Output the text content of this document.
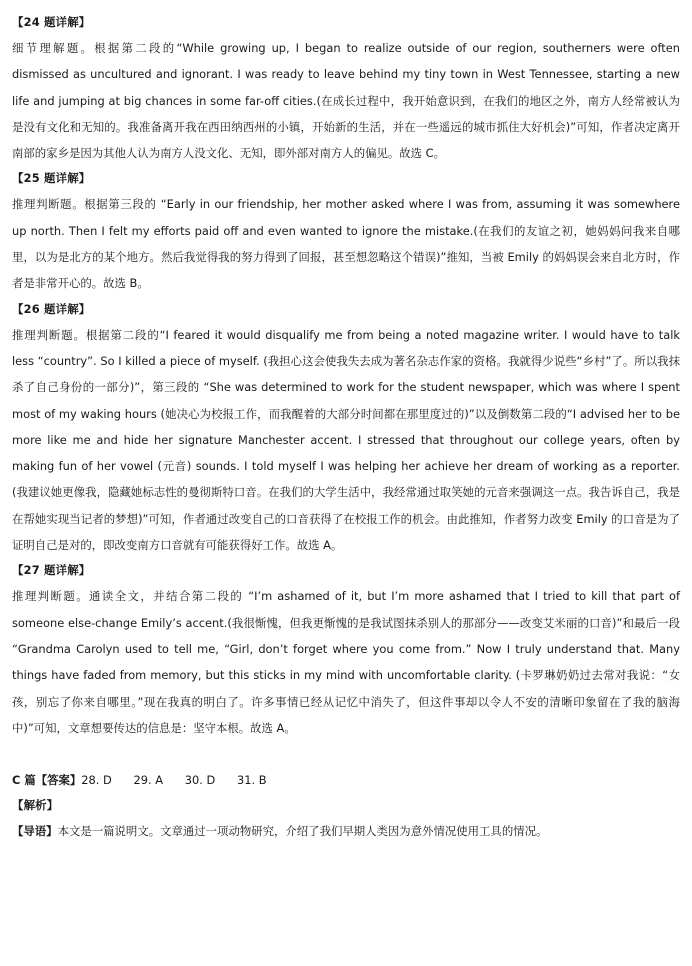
【24 题详解】

细节理解题。根据第二段的“While growing up, I began to realize outside of our region, southerners were often dismissed as uncultured and ignorant. I was ready to leave behind my tiny town in West Tennessee, starting a new life and jumping at big chances in some far-off cities.(在成长过程中，我开始意识到，在我们的地区之外，南方人经常被认为是没有文化和无知的。我准备离开我在西田纳西州的小镇，开始新的生活，并在一些遥远的城市抓住大好机会)”可知，作者决定离开南部的家乡是因为其他人认为南方人没文化、无知，即外部对南方人的偏见。故选 C。

【25 题详解】

推理判断题。根据第三段的 “Early in our friendship, her mother asked where I was from, assuming it was somewhere up north. Then I felt my efforts paid off and even wanted to ignore the mistake.(在我们的友谊之初，她妈妈问我来自哪里，以为是北方的某个地方。然后我觉得我的努力得到了回报，甚至想忽略这个错误)”推知，当被 Emily 的妈妈误会来自北方时，作者是非常开心的。故选 B。

【26 题详解】

推理判断题。根据第二段的“I feared it would disqualify me from being a noted magazine writer. I would have to talk less “country”. So I killed a piece of myself. (我担心这会使我失去成为著名杂志作家的资格。我就得少说些“乡村”了。所以我抹杀了自己身份的一部分)”，第三段的 “She was determined to work for the student newspaper, which was where I spent most of my waking hours (她决心为校报工作，而我醒着的大部分时间都在那里度过的)”以及倒数第二段的“I advised her to be more like me and hide her signature Manchester accent. I stressed that throughout our college years, often by making fun of her vowel (元音) sounds. I told myself I was helping her achieve her dream of working as a reporter. (我建议她更像我，隐藏她标志性的曼彻斯特口音。在我们的大学生活中，我经常通过取笑她的元音来强调这一点。我告诉自己，我是在帮她实现当记者的梦想)”可知，作者通过改变自己的口音获得了在校报工作的机会。由此推知，作者努力改变 Emily 的口音是为了证明自己是对的，即改变南方口音就有可能获得好工作。故选 A。

【27 题详解】

推理判断题。通读全文，并结合第二段的 “I’m ashamed of it, but I’m more ashamed that I tried to kill that part of someone else-change Emily’s accent.(我很惭愧，但我更惭愧的是我试图抹杀别人的那部分——改变艾米丽的口音)”和最后一段 “Grandma Carolyn used to tell me, “Girl, don’t forget where you come from.” Now I truly understand that. Many things have faded from memory, but this sticks in my mind with uncomfortable clarity. (卡罗琳奶奶过去常对我说：“女孩，别忘了你来自哪里。”现在我真的明白了。许多事情已经从记忆中消失了，但这件事却以令人不安的清晰印象留在了我的脑海中)”可知，文章想要传达的信息是：坚守本根。故选 A。

C 篇【答案】28. D      29. A      30. D      31. B
【解析】

【导语】本文是一篇说明文。文章通过一项动物研究，介绍了我们早期人类因为意外情况使用工具的情况。
